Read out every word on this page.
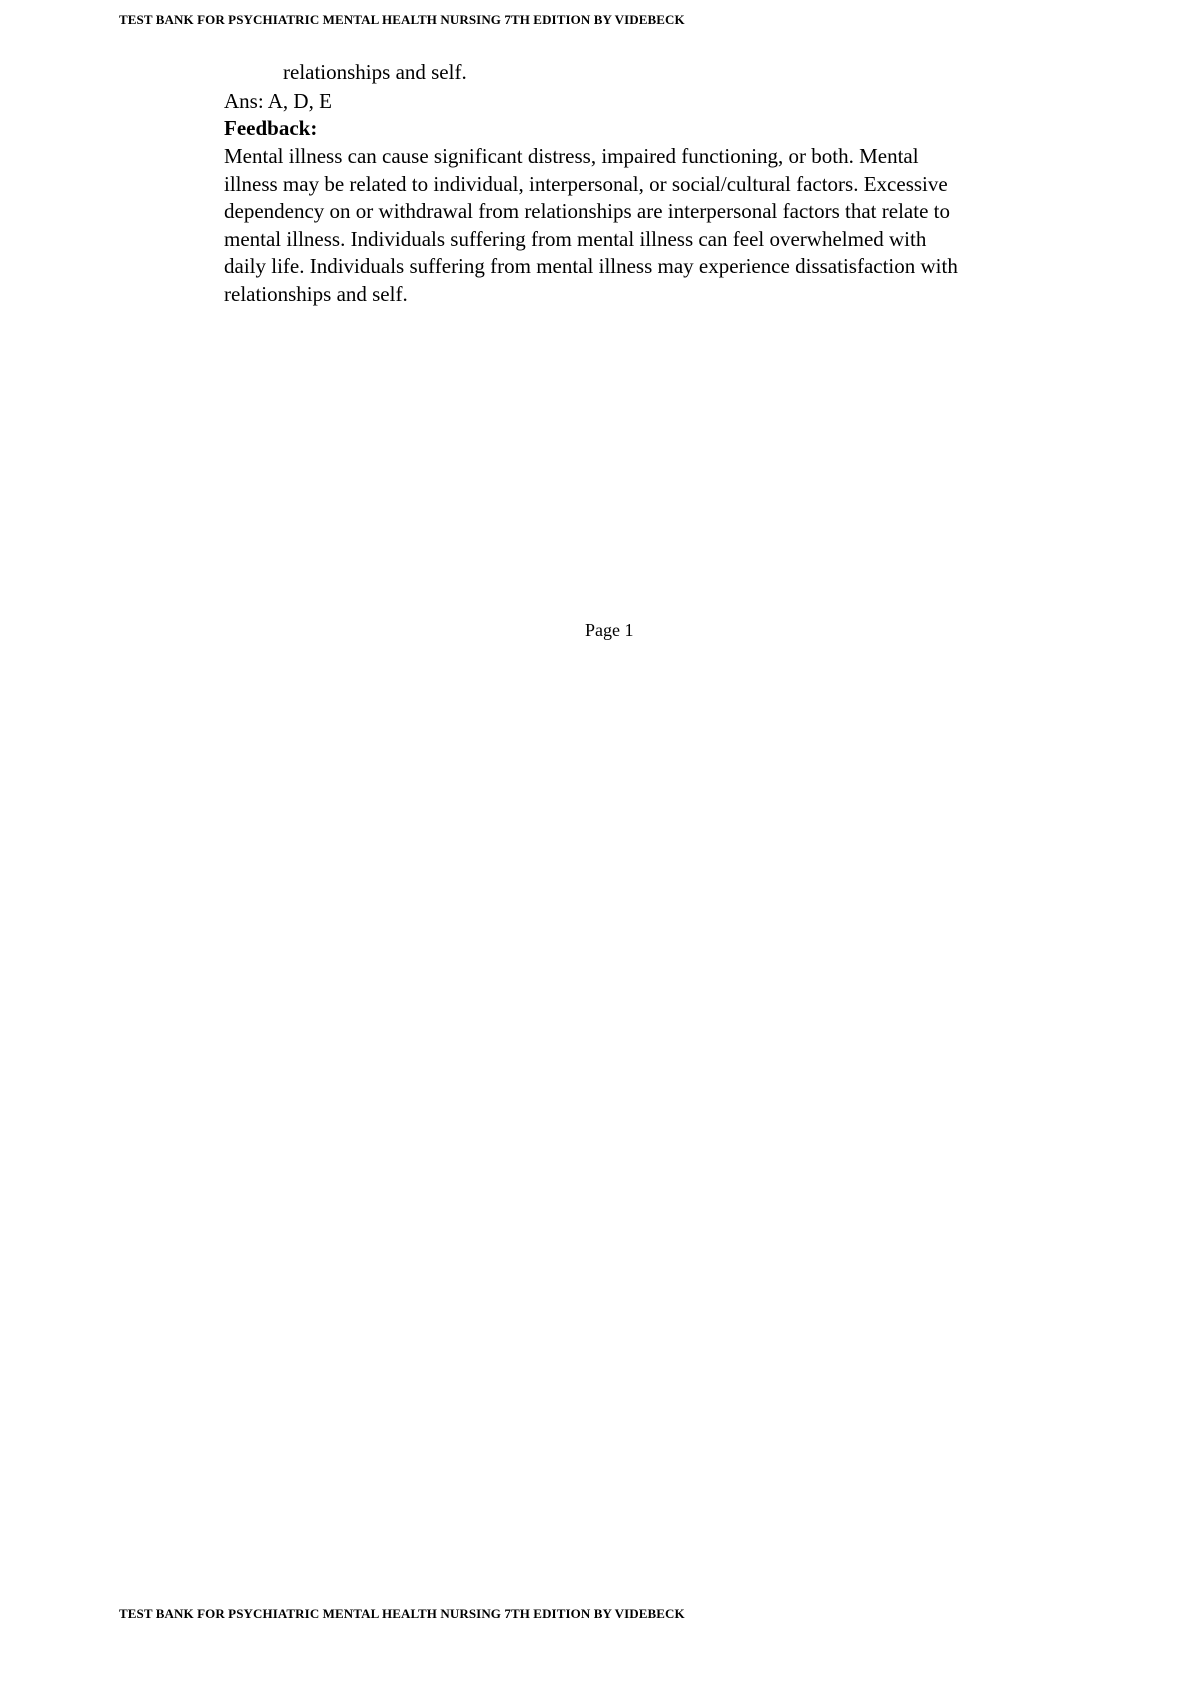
TEST BANK FOR PSYCHIATRIC MENTAL HEALTH NURSING 7TH EDITION BY VIDEBECK
relationships and self.
Ans: A, D, E
Feedback:
Mental illness can cause significant distress, impaired functioning, or both. Mental
illness may be related to individual, interpersonal, or social/cultural factors. Excessive
dependency on or withdrawal from relationships are interpersonal factors that relate to
mental illness. Individuals suffering from mental illness can feel overwhelmed with
daily life. Individuals suffering from mental illness may experience dissatisfaction with
relationships and self.
Page 1
TEST BANK FOR PSYCHIATRIC MENTAL HEALTH NURSING 7TH EDITION BY VIDEBECK
